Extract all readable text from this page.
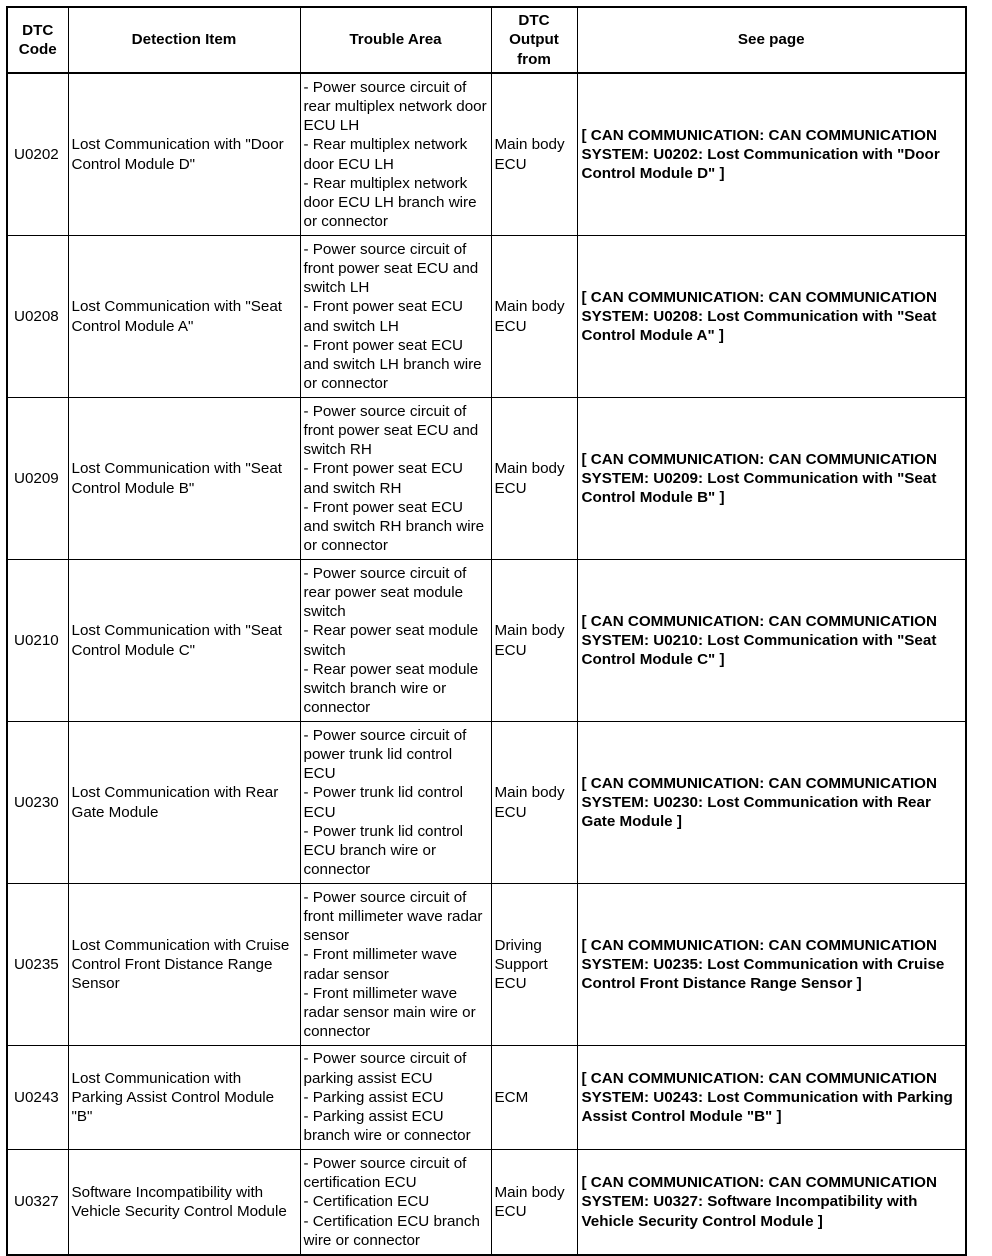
DTC Code	Detection Item	Trouble Area	DTC Output from	See page
U0202	Lost Communication with "Door Control Module D"	- Power source circuit of rear multiplex network door ECU LH
- Rear multiplex network door ECU LH
- Rear multiplex network door ECU LH branch wire or connector	Main body ECU	[ CAN COMMUNICATION: CAN COMMUNICATION SYSTEM: U0202: Lost Communication with "Door Control Module D" ]
U0208	Lost Communication with "Seat Control Module A"	- Power source circuit of front power seat ECU and switch LH
- Front power seat ECU and switch LH
- Front power seat ECU and switch LH branch wire or connector	Main body ECU	[ CAN COMMUNICATION: CAN COMMUNICATION SYSTEM: U0208: Lost Communication with "Seat Control Module A" ]
U0209	Lost Communication with "Seat Control Module B"	- Power source circuit of front power seat ECU and switch RH
- Front power seat ECU and switch RH
- Front power seat ECU and switch RH branch wire or connector	Main body ECU	[ CAN COMMUNICATION: CAN COMMUNICATION SYSTEM: U0209: Lost Communication with "Seat Control Module B" ]
U0210	Lost Communication with "Seat Control Module C"	- Power source circuit of rear power seat module switch
- Rear power seat module switch
- Rear power seat module switch branch wire or connector	Main body ECU	[ CAN COMMUNICATION: CAN COMMUNICATION SYSTEM: U0210: Lost Communication with "Seat Control Module C" ]
U0230	Lost Communication with Rear Gate Module	- Power source circuit of power trunk lid control ECU
- Power trunk lid control ECU
- Power trunk lid control ECU branch wire or connector	Main body ECU	[ CAN COMMUNICATION: CAN COMMUNICATION SYSTEM: U0230: Lost Communication with Rear Gate Module ]
U0235	Lost Communication with Cruise Control Front Distance Range Sensor	- Power source circuit of front millimeter wave radar sensor
- Front millimeter wave radar sensor
- Front millimeter wave radar sensor main wire or connector	Driving Support ECU	[ CAN COMMUNICATION: CAN COMMUNICATION SYSTEM: U0235: Lost Communication with Cruise Control Front Distance Range Sensor ]
U0243	Lost Communication with Parking Assist Control Module "B"	- Power source circuit of parking assist ECU
- Parking assist ECU
- Parking assist ECU branch wire or connector	ECM	[ CAN COMMUNICATION: CAN COMMUNICATION SYSTEM: U0243: Lost Communication with Parking Assist Control Module "B" ]
U0327	Software Incompatibility with Vehicle Security Control Module	- Power source circuit of certification ECU
- Certification ECU
- Certification ECU branch wire or connector	Main body ECU	[ CAN COMMUNICATION: CAN COMMUNICATION SYSTEM: U0327: Software Incompatibility with Vehicle Security Control Module ]
